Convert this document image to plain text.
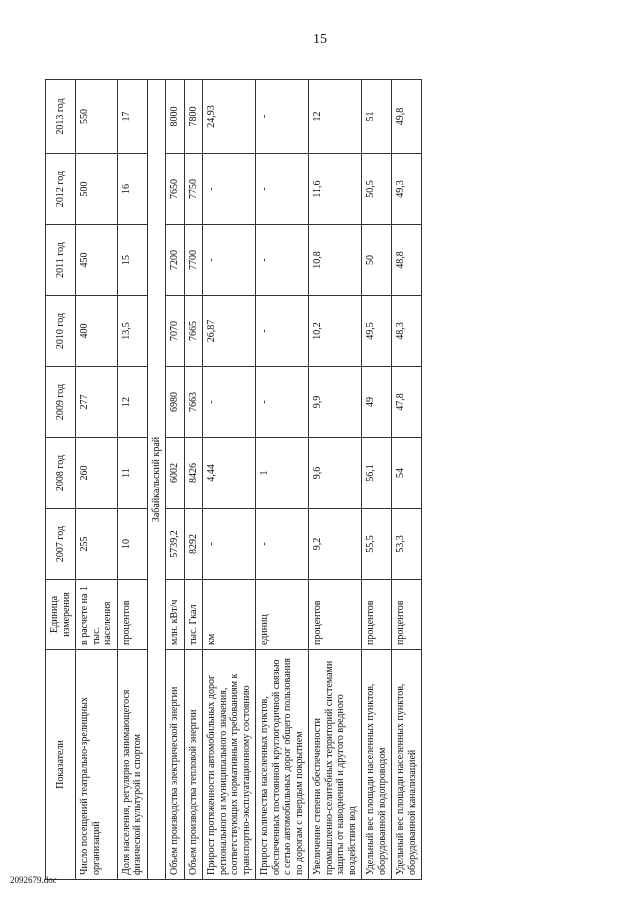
15
Показатели	Единица измерения	2007 год	2008 год	2009 год	2010 год	2011 год	2012 год	2013 год
Число посещений театрально-зрелищных организаций	в расчете на 1 тыс. населения	255	260	277	400	450	500	550
Доля населения, регулярно занимающегося физической культурой и спортом	процентов	10	11	12	13,5	15	16	17
Забайкальский край								
Объем производства электрической энергии	млн. кВт/ч	5739,2	6002	6980	7070	7200	7650	8000
Объем производства тепловой энергии	тыс. Гкал	8292	8426	7663	7665	7700	7750	7800
Прирост протяженности автомобильных дорог регионального и муниципального значения, соответствующих нормативным требованиям к транспортно-эксплуатационному состоянию	км	-	4,44	-	26,87	-	-	24,93
Прирост количества населенных пунктов, обеспеченных постоянной круглогодичной связью с сетью автомобильных дорог общего пользования по дорогам с твердым покрытием	единиц	-	1	-	-	-	-	-
Увеличение степени обеспеченности промышленно-селитебных территорий системами защиты от наводнений и другого вредного воздействия вод	процентов	9,2	9,6	9,9	10,2	10,8	11,6	12
Удельный вес площади населенных пунктов, оборудованной водопроводом	процентов	55,5	56,1	49	49,5	50	50,5	51
Удельный вес площади населенных пунктов, оборудованной канализацией	процентов	53,3	54	47,8	48,3	48,8	49,3	49,8
2092679.doc
